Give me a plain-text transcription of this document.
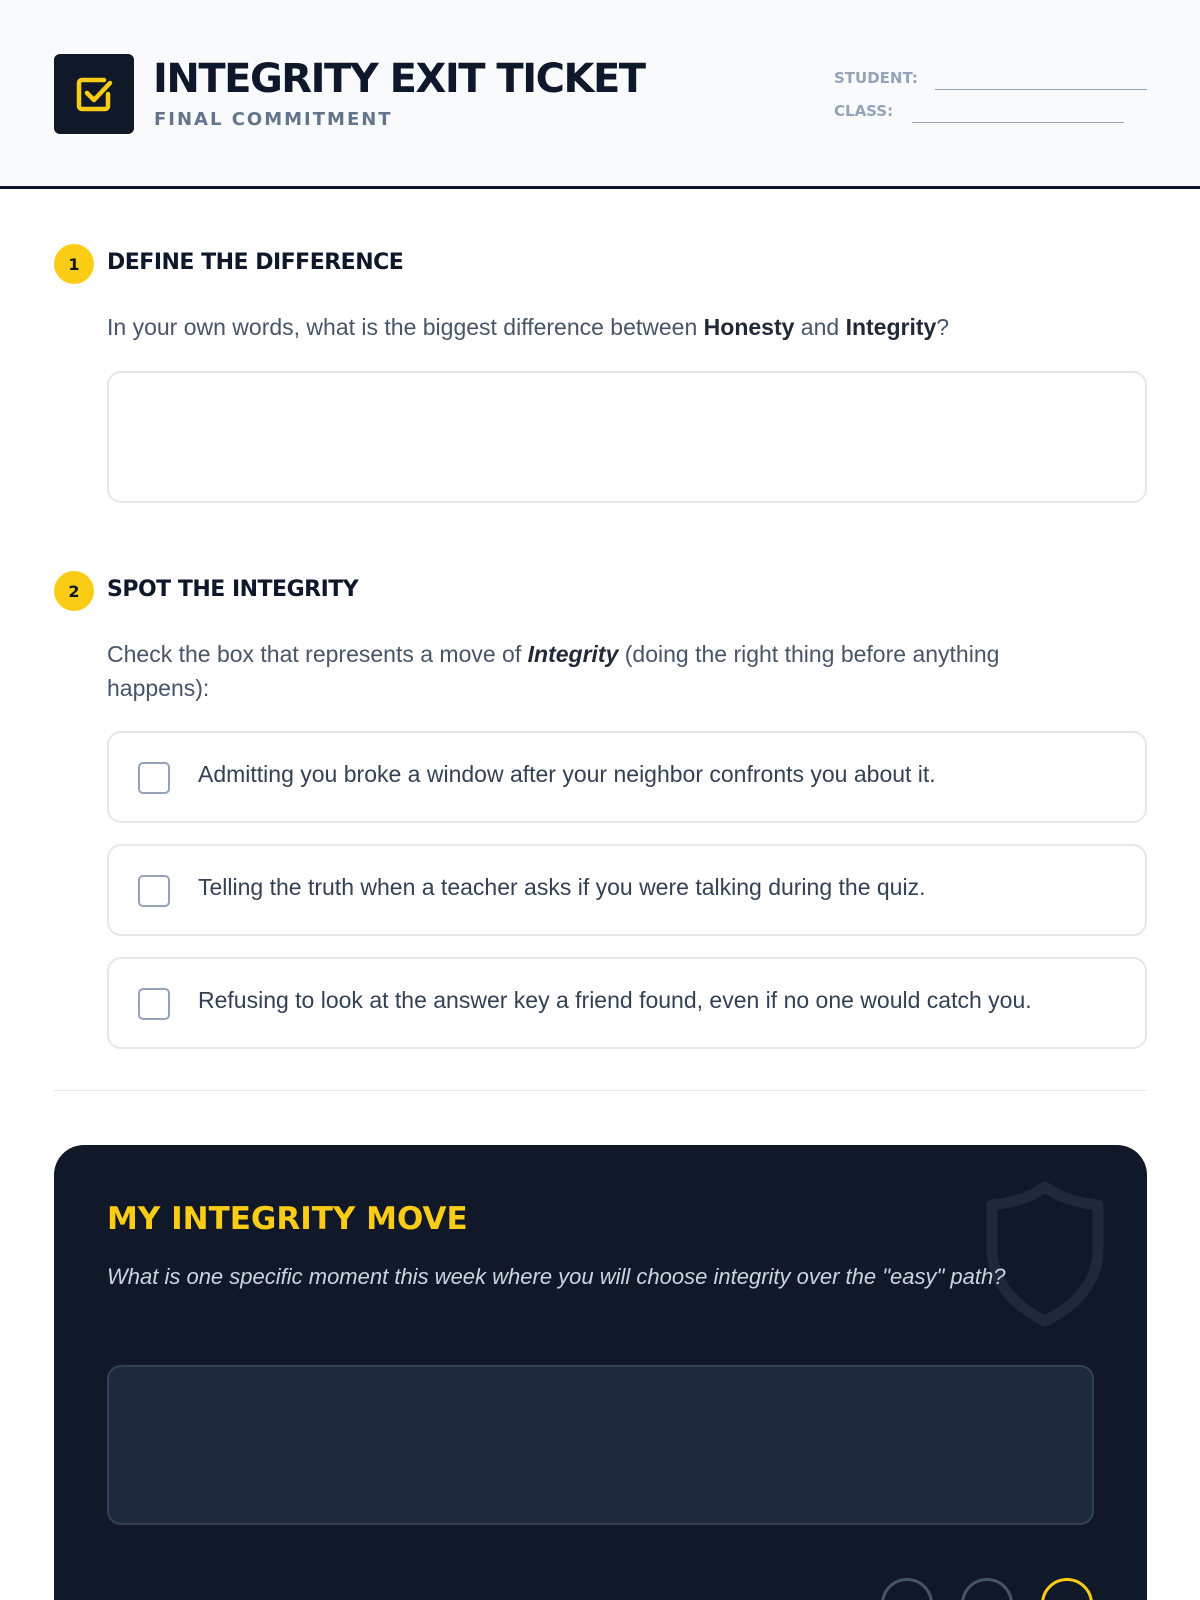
INTEGRITY EXIT TICKET
FINAL COMMITMENT
STUDENT:
CLASS:
1	DEFINE THE DIFFERENCE
In your own words, what is the biggest difference between Honesty and Integrity?
2	SPOT THE INTEGRITY
Check the box that represents a move of Integrity (doing the right thing before anything happens):
Admitting you broke a window after your neighbor confronts you about it.
Telling the truth when a teacher asks if you were talking during the quiz.
Refusing to look at the answer key a friend found, even if no one would catch you.
MY INTEGRITY MOVE
What is one specific moment this week where you will choose integrity over the "easy" path?
